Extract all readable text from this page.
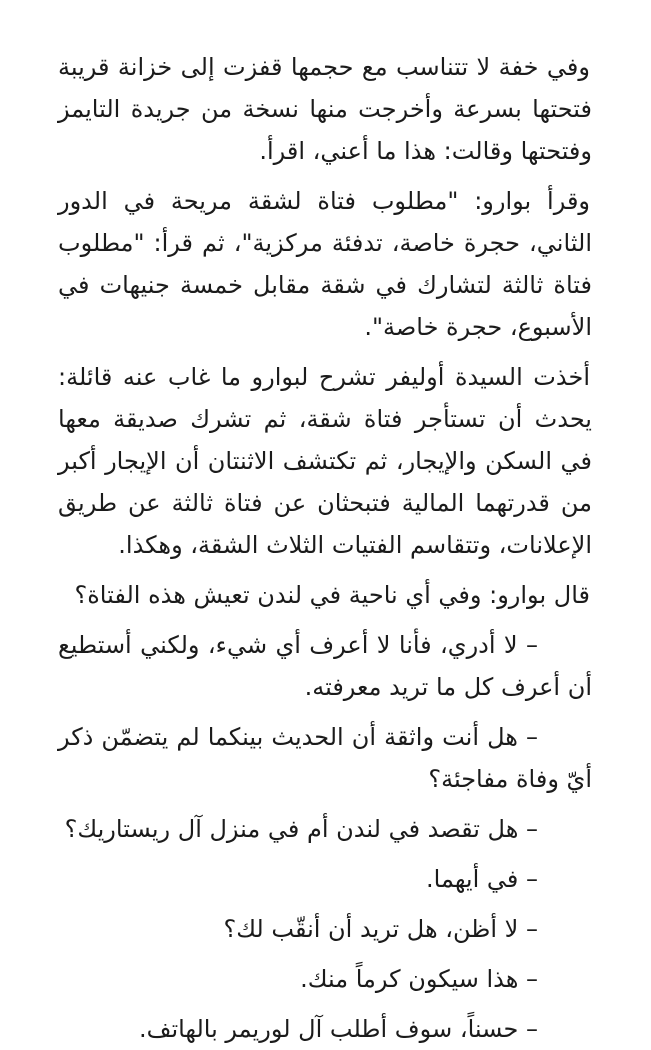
وفي خفة لا تتناسب مع حجمها قفزت إلى خزانة قريبة فتحتها بسرعة وأخرجت منها نسخة من جريدة التايمز وفتحتها وقالت: هذا ما أعني، اقرأ.

وقرأ بوارو: "مطلوب فتاة لشقة مريحة في الدور الثاني، حجرة خاصة، تدفئة مركزية"، ثم قرأ: "مطلوب فتاة ثالثة لتشارك في شقة مقابل خمسة جنيهات في الأسبوع، حجرة خاصة".

أخذت السيدة أوليفر تشرح لبوارو ما غاب عنه قائلة: يحدث أن تستأجر فتاة شقة، ثم تشرك صديقة معها في السكن والإيجار، ثم تكتشف الاثنتان أن الإيجار أكبر من قدرتهما المالية فتبحثان عن فتاة ثالثة عن طريق الإعلانات، وتتقاسم الفتيات الثلاث الشقة، وهكذا.

قال بوارو: وفي أي ناحية في لندن تعيش هذه الفتاة؟

– لا أدري، فأنا لا أعرف أي شيء، ولكني أستطيع أن أعرف كل ما تريد معرفته.

– هل أنت واثقة أن الحديث بينكما لم يتضمّن ذكر أيّ وفاة مفاجئة؟

– هل تقصد في لندن أم في منزل آل ريستاريك؟

– في أيهما.

– لا أظن، هل تريد أن أنقّب لك؟

– هذا سيكون كرماً منك.

– حسناً، سوف أطلب آل لوريمر بالهاتف.
